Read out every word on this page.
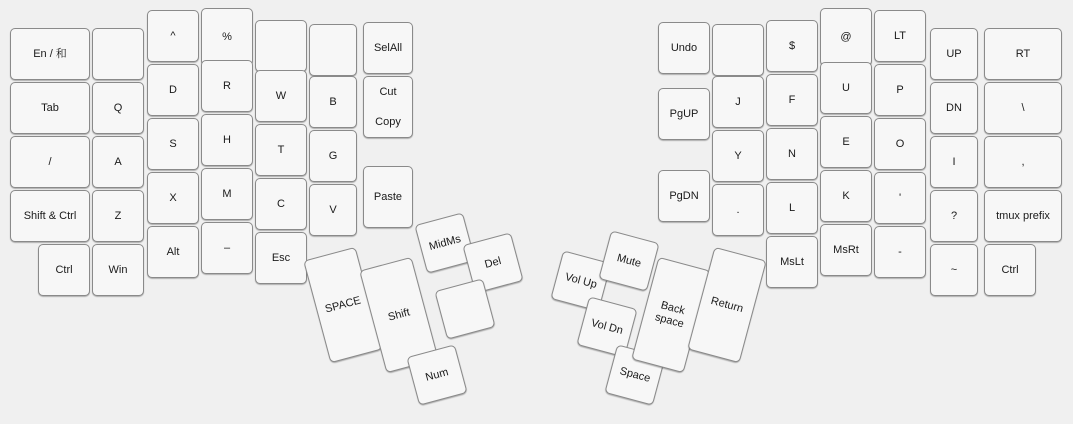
En / 和
^	%
SelAll
Tab	Q
D	R
W	B
Cut
Copy
/	A
S	H
T	G
Shift & Ctrl	Z
X	M
C	V
Paste
Ctrl	Win
Alt	–
Esc
SPACE Shift
MidMs
Del
Num
Undo	$
@	LT
UP	RT
PgUP
J	F
U	P
DN	\
PgDN
Y	N
E	O
I	,
.	L
K	'
?	tmux prefix
MsLt
MsRt	-
~	Ctrl
Vol Up
Mute
Vol Dn
Space
Back
space
Return
